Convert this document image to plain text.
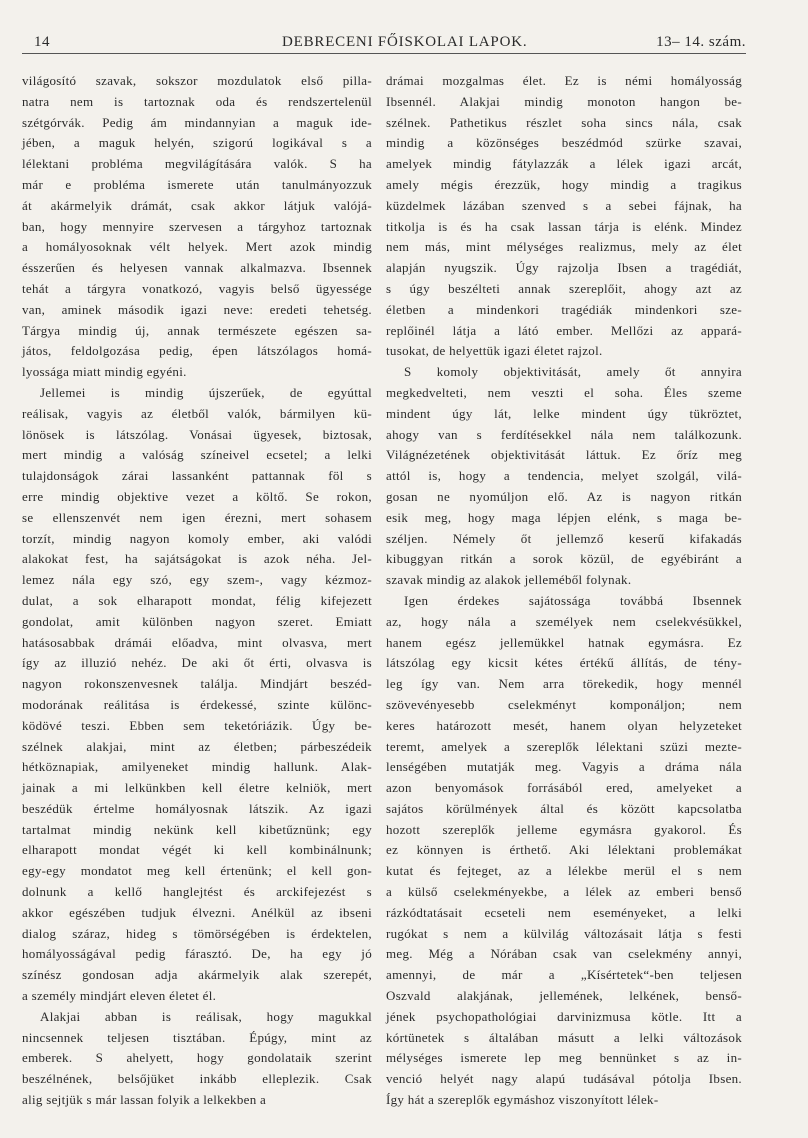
14	DEBRECENI FŐISKOLAI LAPOK.	13– 14. szám.
világosító szavak, sokszor mozdulatok első pilla-
natra nem is tartoznak oda és rendszertelenül
szétgórvák. Pedig ám mindannyian a maguk ide-
jében, a maguk helyén, szigorú logikával s a
lélektani probléma megvilágítására valók. S ha
már e probléma ismerete után tanulmányozzuk
át akármelyik drámát, csak akkor látjuk valójá-
ban, hogy mennyire szervesen a tárgyhoz tartoznak
a homályosoknak vélt helyek. Mert azok mindig
ésszerűen és helyesen vannak alkalmazva. Ibsennek
tehát a tárgyra vonatkozó, vagyis belső ügyessége
van, aminek második igazi neve: eredeti tehetség.
Tárgya mindig új, annak természete egészen sa-
játos, feldolgozása pedig, épen látszólagos homá-
lyossága miatt mindig egyéni.
Jellemei is mindig újszerűek, de egyúttal
reálisak, vagyis az életből valók, bármilyen kü-
lönösek is látszólag. Vonásai ügyesek, biztosak,
mert mindig a valóság színeivel ecsetel; a lelki
tulajdonságok zárai lassanként pattannak föl s
erre mindig objektive vezet a költő. Se rokon,
se ellenszenvét nem igen érezni, mert sohasem
torzít, mindig nagyon komoly ember, aki valódi
alakokat fest, ha sajátságokat is azok néha. Jel-
lemez nála egy szó, egy szem-, vagy kézmoz-
dulat, a sok elharapott mondat, félig kifejezett
gondolat, amit különben nagyon szeret. Emiatt
hatásosabbak drámái előadva, mint olvasva, mert
így az illuzió nehéz. De aki őt érti, olvasva is
nagyon rokonszenvesnek találja. Mindjárt beszéd-
modorának reálitása is érdekessé, szinte különc-
ködövé teszi. Ebben sem teketóriázik. Úgy be-
szélnek alakjai, mint az életben; párbeszédeik
hétköznapiak, amilyeneket mindig hallunk. Alak-
jainak a mi lelkünkben kell életre kelniök, mert
beszédük értelme homályosnak látszik. Az igazi
tartalmat mindig nekünk kell kibetűznünk; egy
elharapott mondat végét ki kell kombinálnunk;
egy-egy mondatot meg kell értenünk; el kell gon-
dolnunk a kellő hanglejtést és arckifejezést s
akkor egészében tudjuk élvezni. Anélkül az ibseni
dialog száraz, hideg s tömörségében is érdektelen,
homályosságával pedig fárasztó. De, ha egy jó
színész gondosan adja akármelyik alak szerepét,
a személy mindjárt eleven életet él.
Alakjai abban is reálisak, hogy magukkal
nincsennek teljesen tisztában. Épúgy, mint az
emberek. S ahelyett, hogy gondolataik szerint
beszélnének, belsőjüket inkább elleplezik. Csak
alig sejtjük s már lassan folyik a lelkekben a
drámai mozgalmas élet. Ez is némi homályosság
Ibsennél. Alakjai mindig monoton hangon be-
szélnek. Pathetikus részlet soha sincs nála, csak
mindig a közönséges beszédmód szürke szavai,
amelyek mindig fátylazzák a lélek igazi arcát,
amely mégis érezzük, hogy mindig a tragikus
küzdelmek lázában szenved s a sebei fájnak, ha
titkolja is és ha csak lassan tárja is elénk. Mindez
nem más, mint mélységes realizmus, mely az élet
alapján nyugszik. Úgy rajzolja Ibsen a tragédiát,
s úgy beszélteti annak szereplőit, ahogy azt az
életben a mindenkori tragédiák mindenkori sze-
replőinél látja a látó ember. Mellőzi az appará-
tusokat, de helyettük igazi életet rajzol.
S komoly objektivitását, amely őt annyira
megkedvelteti, nem veszti el soha. Éles szeme
mindent úgy lát, lelke mindent úgy tükröztet,
ahogy van s ferdítésekkel nála nem találkozunk.
Világnézetének objektivitását láttuk. Ez őríz meg
attól is, hogy a tendencia, melyet szolgál, vilá-
gosan ne nyomúljon elő. Az is nagyon ritkán
esik meg, hogy maga lépjen elénk, s maga be-
széljen. Némely őt jellemző keserű kifakadás
kibuggyan ritkán a sorok közül, de egyébiránt a
szavak mindig az alakok jelleméből folynak.
Igen érdekes sajátossága továbbá Ibsennek
az, hogy nála a személyek nem cselekvésükkel,
hanem egész jellemükkel hatnak egymásra. Ez
látszólag egy kicsit kétes értékű állítás, de tény-
leg így van. Nem arra törekedik, hogy mennél
szövevényesebb cselekményt komponáljon; nem
keres határozott mesét, hanem olyan helyzeteket
teremt, amelyek a szereplők lélektani szüzi mezte-
lenségében mutatják meg. Vagyis a dráma nála
azon benyomások forrásából ered, amelyeket a
sajátos körülmények által és között kapcsolatba
hozott szereplők jelleme egymásra gyakorol. És
ez könnyen is érthető. Aki lélektani problemákat
kutat és fejteget, az a lélekbe merül el s nem
a külső cselekményekbe, a lélek az emberi benső
rázkódtatásait ecseteli nem eseményeket, a lelki
rugókat s nem a külvilág változásait látja s festi
meg. Még a Nórában csak van cselekmény annyi,
amennyi, de már a „Kísértetek“-ben teljesen
Oszvald alakjának, jellemének, lelkének, benső-
jének psychopathológiai darvinizmusa kötle. Itt a
kórtünetek s általában másutt a lelki változások
mélységes ismerete lep meg bennünket s az in-
venció helyét nagy alapú tudásával pótolja Ibsen.
Így hát a szereplők egymáshoz viszonyított lélek-
